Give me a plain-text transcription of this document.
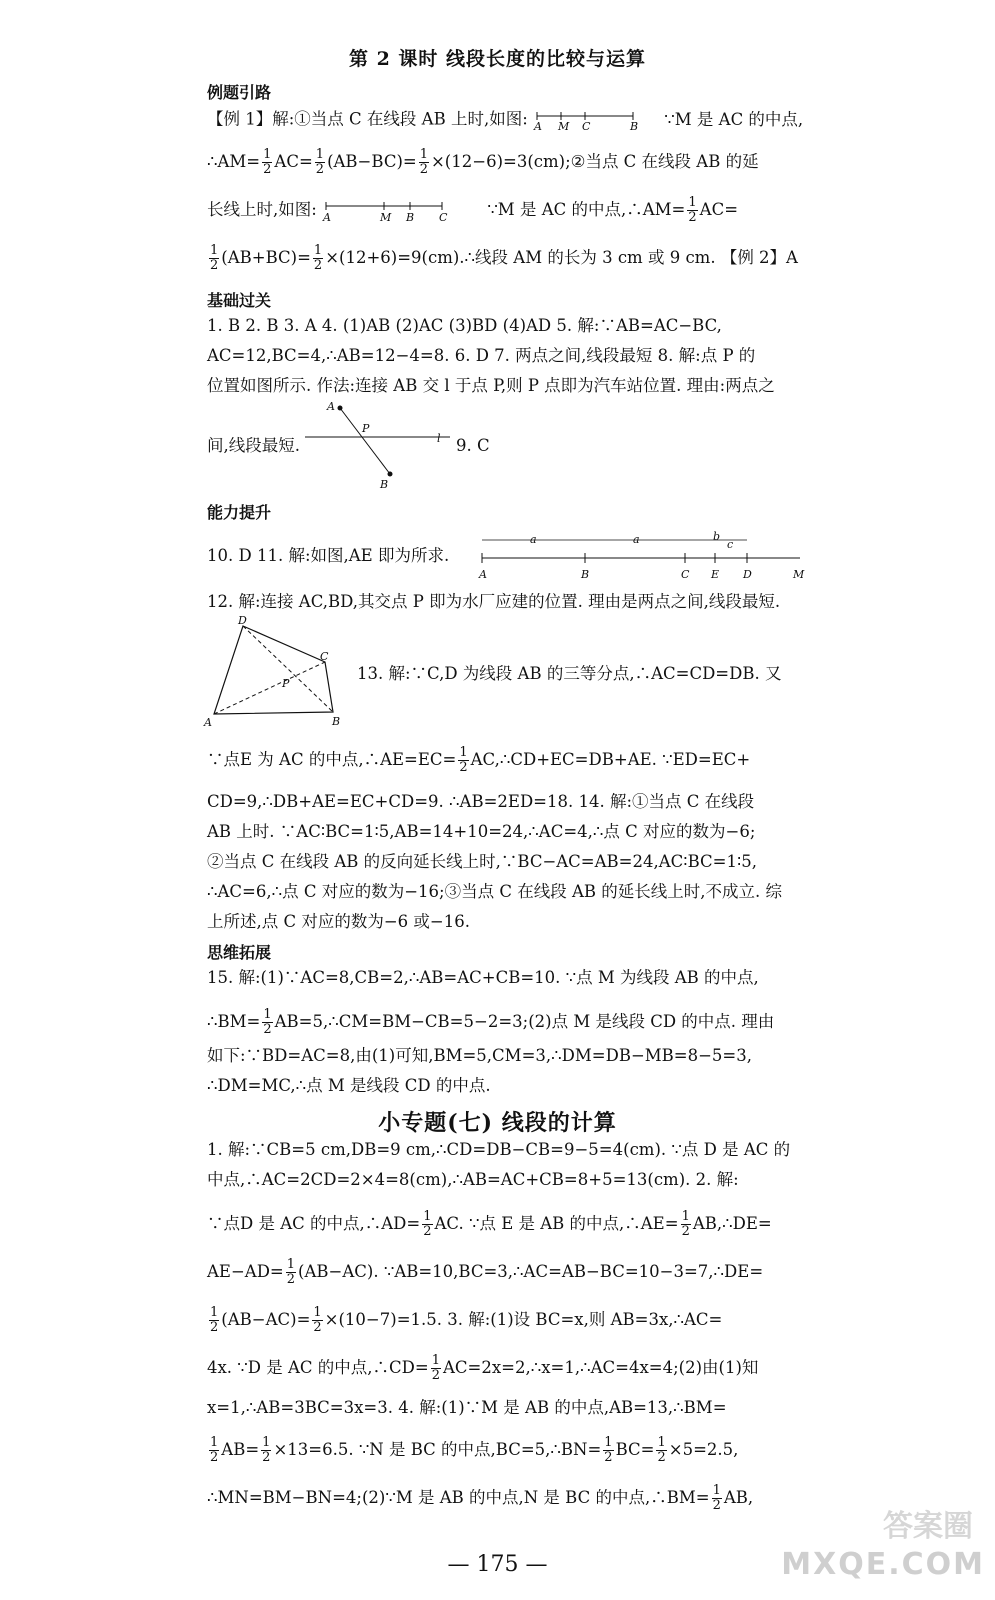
第 2 课时 线段长度的比较与运算
例题引路
【例 1】解:①当点 C 在线段 AB 上时,如图: A M C	B ∵M 是 AC 的中点,
∴AM= $\frac{1}{2} AC= \frac{1}{2} (AB-BC)= \frac{1}{2}$ ×(12−6)=3(cm);②当点 C 在线段 AB 的延
长线上时,如图: A	M B C ∵M 是 AC 的中点,∴AM= $\frac{1}{2} AC=$
$\frac{1}{2} (AB+BC)= \frac{1}{2}$ ×(12+6)=9(cm).∴线段 AM 的长为 3 cm 或 9 cm. 【例 2】A
基础过关
1. B 2. B 3. A 4. (1)AB (2)AC (3)BD (4)AD 5. 解:∵AB=AC−BC,
AC=12,BC=4,∴AB=12−4=8. 6. D 7. 两点之间,线段最短 8. 解:点 P 的
位置如图所示. 作法:连接 AB 交 l 于点 P,则 P 点即为汽车站位置. 理由:两点之
A
P
l
B
间,线段最短.	9. C
能力提升
10. D 11. 解:如图,AE 即为所求.
a	a	b
c
A	B	C E D	M
12. 解:连接 AC,BD,其交点 P 即为水厂应建的位置. 理由是两点之间,线段最短.
D
C
P
A	B
13. 解:∵C,D 为线段 AB 的三等分点,∴AC=CD=DB. 又
∵点E 为 AC 的中点,∴AE=EC= $\frac{1}{2}$ AC,∴CD+EC=DB+AE. ∵ED=EC+
CD=9,∴DB+AE=EC+CD=9. ∴AB=2ED=18. 14. 解:①当点 C 在线段
AB 上时. ∵AC∶BC=1∶5,AB=14+10=24,∴AC=4,∴点 C 对应的数为−6;
②当点 C 在线段 AB 的反向延长线上时,∵BC−AC=AB=24,AC∶BC=1∶5,
∴AC=6,∴点 C 对应的数为−16;③当点 C 在线段 AB 的延长线上时,不成立. 综
上所述,点 C 对应的数为−6 或−16.
思维拓展
15. 解:(1)∵AC=8,CB=2,∴AB=AC+CB=10. ∵点 M 为线段 AB 的中点,
∴BM= $\frac{1}{2}$ AB=5,∴CM=BM−CB=5−2=3;(2)点 M 是线段 CD 的中点. 理由
如下:∵BD=AC=8,由(1)可知,BM=5,CM=3,∴DM=DB−MB=8−5=3,
∴DM=MC,∴点 M 是线段 CD 的中点.
小专题(七) 线段的计算
1. 解:∵CB=5 cm,DB=9 cm,∴CD=DB−CB=9−5=4(cm). ∵点 D 是 AC 的
中点,∴AC=2CD=2×4=8(cm),∴AB=AC+CB=8+5=13(cm). 2. 解:
∵点D 是 AC 的中点,∴AD= $\frac{1}{2}$ AC. ∵点 E 是 AB 的中点,∴AE= $\frac{1}{2}$ AB,∴DE=
$AE-AD= \frac{1}{2} (AB-AC)$. ∵AB=10,BC=3,∴AC=AB−BC=10−3=7,∴DE=
$\frac{1}{2} (AB-AC)= \frac{1}{2} \times(10-7)=1.5$. 3. 解:(1)设 BC=x,则 AB=3x,∴AC=
4x. ∵D 是 AC 的中点,∴CD= $\frac{1}{2}$ AC=2x=2,∴x=1,∴AC=4x=4;(2)由(1)知
x=1,∴AB=3BC=3x=3. 4. 解:(1)∵M 是 AB 的中点,AB=13,∴BM=
$\frac{1}{2} AB= \frac{1}{2} \times 13=6.5$. ∵N 是 BC 的中点,BC=5,∴BN= $\frac{1}{2} BC= \frac{1}{2} \times 5=2.5$,
∴MN=BM−BN=4;(2)∵M 是 AB 的中点,N 是 BC 的中点,∴BM= $\frac{1}{2}$ AB,
— 175 —
答案圈
MXQE.COM
